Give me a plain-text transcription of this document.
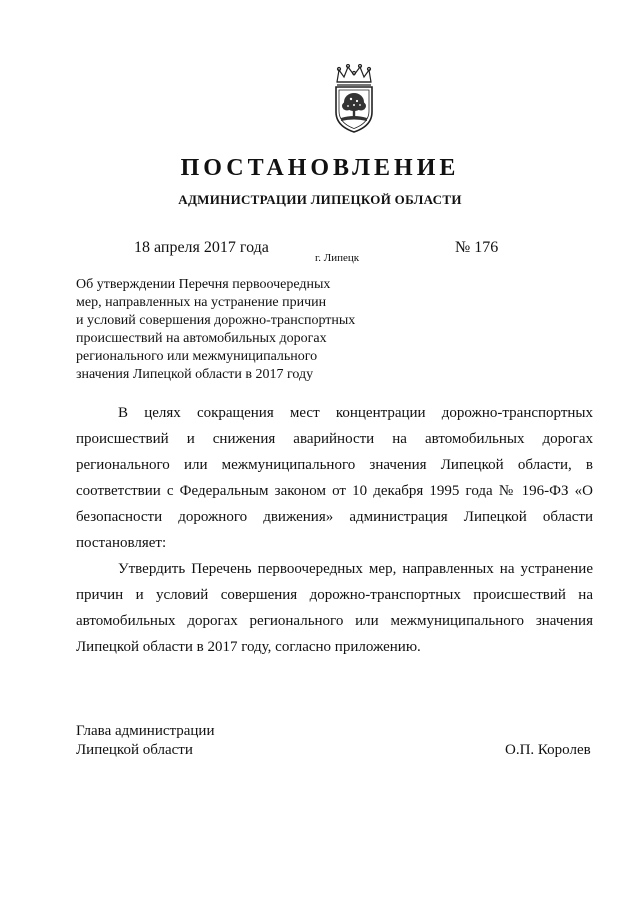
ПОСТАНОВЛЕНИЕ
АДМИНИСТРАЦИИ ЛИПЕЦКОЙ ОБЛАСТИ
18 апреля 2017 года
г. Липецк
№ 176
Об утверждении Перечня первоочередных
мер, направленных на устранение причин
и условий совершения дорожно-транспортных
происшествий на автомобильных дорогах
регионального или межмуниципального
значения Липецкой области в 2017 году

В целях сокращения мест концентрации дорожно-транспортных происшествий и снижения аварийности на автомобильных дорогах регионального или межмуниципального значения Липецкой области, в соответствии с Федеральным законом от 10 декабря 1995 года № 196-ФЗ «О безопасности дорожного движения» администрация Липецкой области постановляет:

Утвердить Перечень первоочередных мер, направленных на устранение причин и условий совершения дорожно-транспортных происшествий на автомобильных дорогах регионального или межмуниципального значения Липецкой области в 2017 году, согласно приложению.

Глава администрации
Липецкой области	О.П. Королев
